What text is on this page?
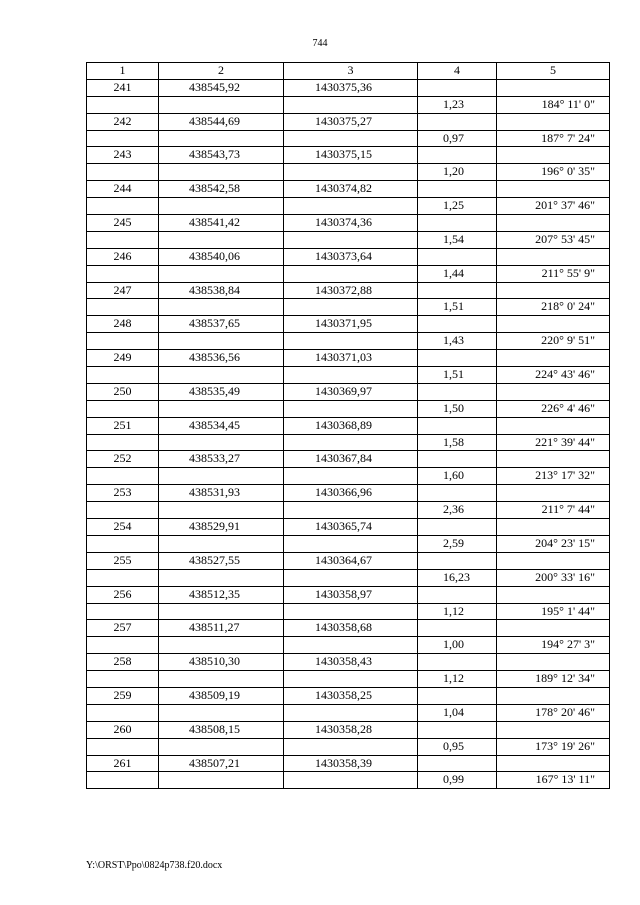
744
1	2	3	4	5
241	438545,92	1430375,36		
			1,23	184° 11' 0"
242	438544,69	1430375,27		
			0,97	187° 7' 24"
243	438543,73	1430375,15		
			1,20	196° 0' 35"
244	438542,58	1430374,82		
			1,25	201° 37' 46"
245	438541,42	1430374,36		
			1,54	207° 53' 45"
246	438540,06	1430373,64		
			1,44	211° 55' 9"
247	438538,84	1430372,88		
			1,51	218° 0' 24"
248	438537,65	1430371,95		
			1,43	220° 9' 51"
249	438536,56	1430371,03		
			1,51	224° 43' 46"
250	438535,49	1430369,97		
			1,50	226° 4' 46"
251	438534,45	1430368,89		
			1,58	221° 39' 44"
252	438533,27	1430367,84		
			1,60	213° 17' 32"
253	438531,93	1430366,96		
			2,36	211° 7' 44"
254	438529,91	1430365,74		
			2,59	204° 23' 15"
255	438527,55	1430364,67		
			16,23	200° 33' 16"
256	438512,35	1430358,97		
			1,12	195° 1' 44"
257	438511,27	1430358,68		
			1,00	194° 27' 3"
258	438510,30	1430358,43		
			1,12	189° 12' 34"
259	438509,19	1430358,25		
			1,04	178° 20' 46"
260	438508,15	1430358,28		
			0,95	173° 19' 26"
261	438507,21	1430358,39		
			0,99	167° 13' 11"
Y:\ORST\Ppo\0824p738.f20.docx
